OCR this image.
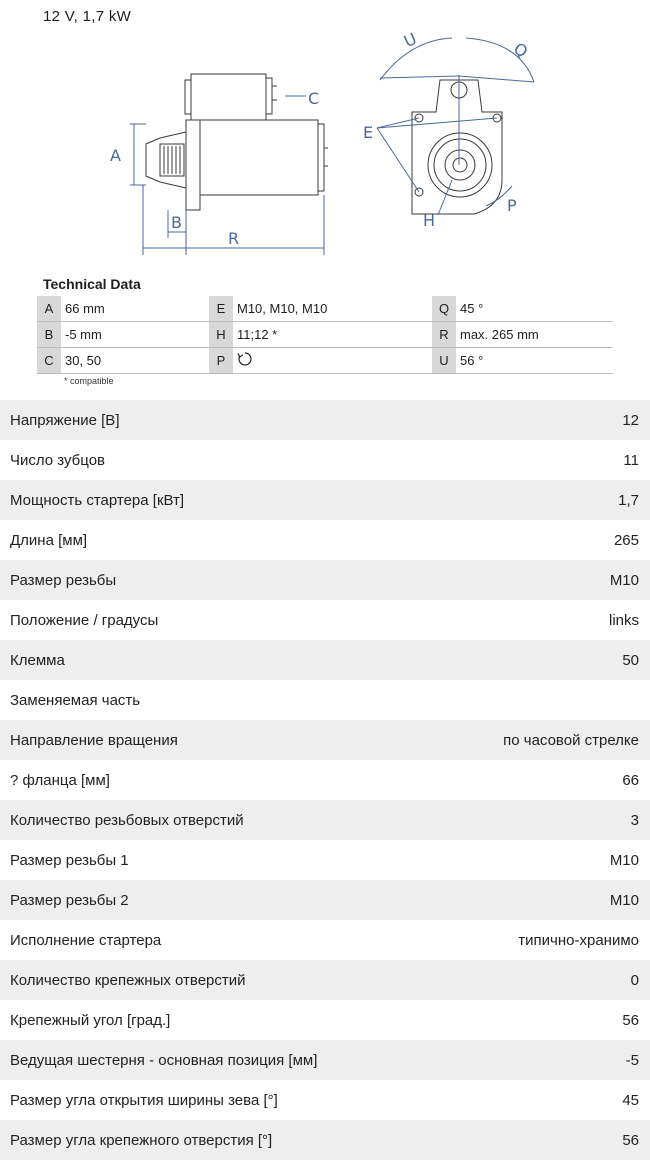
12 V, 1,7 kW
A
B
R
C
U	Q
E
H
P
Technical Data
A	66 mm	E	M10, M10, M10	Q	45 °
B	-5 mm	H	11;12 *	R	max. 265 mm
C	30, 50	P		U	56 °
* compatible
Напряжение [В]	12
Число зубцов	11
Мощность стартера [кВт]	1,7
Длина [мм]	265
Размер резьбы	M10
Положение / градусы	links
Клемма	50
Заменяемая часть
Направление вращения	по часовой стрелке
? фланца [мм]	66
Количество резьбовых отверстий	3
Размер резьбы 1	M10
Размер резьбы 2	M10
Исполнение стартера	типично-хранимо
Количество крепежных отверстий	0
Крепежный угол [град.]	56
Ведущая шестерня - основная позиция [мм]	-5
Размер угла открытия ширины зева [°]	45
Размер угла крепежного отверстия [°]	56
